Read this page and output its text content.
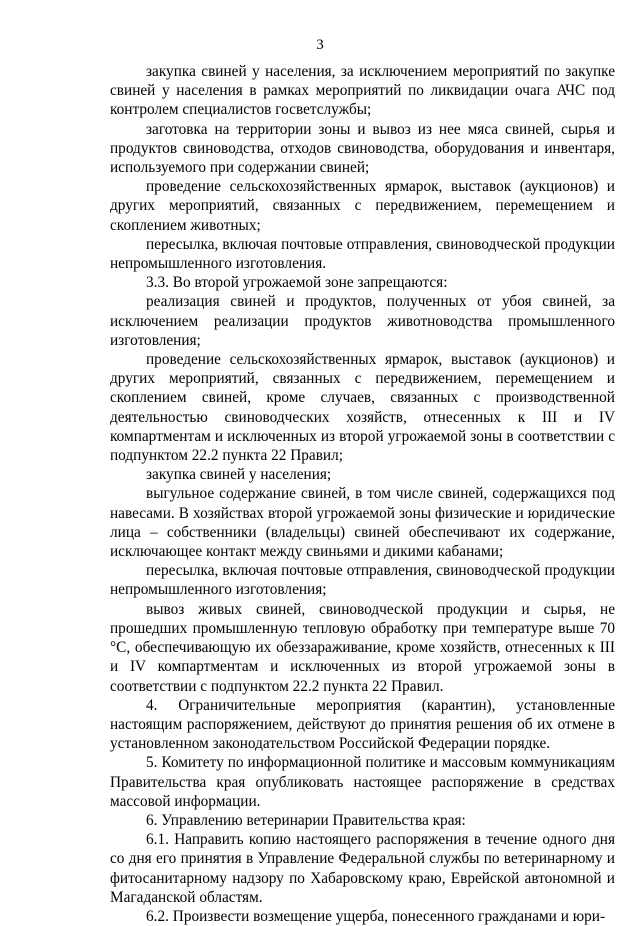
3

закупка свиней у населения, за исключением мероприятий по закупке свиней у населения в рамках мероприятий по ликвидации очага АЧС под контролем специалистов госветслужбы;

заготовка на территории зоны и вывоз из нее мяса свиней, сырья и продуктов свиноводства, отходов свиноводства, оборудования и инвентаря, используемого при содержании свиней;

проведение сельскохозяйственных ярмарок, выставок (аукционов) и других мероприятий, связанных с передвижением, перемещением и скоплением животных;

пересылка, включая почтовые отправления, свиноводческой продукции непромышленного изготовления.

3.3. Во второй угрожаемой зоне запрещаются:

реализация свиней и продуктов, полученных от убоя свиней, за исключением реализации продуктов животноводства промышленного изготовления;

проведение сельскохозяйственных ярмарок, выставок (аукционов) и других мероприятий, связанных с передвижением, перемещением и скоплением свиней, кроме случаев, связанных с производственной деятельностью свиноводческих хозяйств, отнесенных к III и IV компартментам и исключенных из второй угрожаемой зоны в соответствии с подпунктом 22.2 пункта 22 Правил;

закупка свиней у населения;

выгульное содержание свиней, в том числе свиней, содержащихся под навесами. В хозяйствах второй угрожаемой зоны физические и юридические лица – собственники (владельцы) свиней обеспечивают их содержание, исключающее контакт между свиньями и дикими кабанами;

пересылка, включая почтовые отправления, свиноводческой продукции непромышленного изготовления;

вывоз живых свиней, свиноводческой продукции и сырья, не прошедших промышленную тепловую обработку при температуре выше 70 °С, обеспечивающую их обеззараживание, кроме хозяйств, отнесенных к III и IV компартментам и исключенных из второй угрожаемой зоны в соответствии с подпунктом 22.2 пункта 22 Правил.

4. Ограничительные мероприятия (карантин), установленные настоящим распоряжением, действуют до принятия решения об их отмене в установленном законодательством Российской Федерации порядке.

5. Комитету по информационной политике и массовым коммуникациям Правительства края опубликовать настоящее распоряжение в средствах массовой информации.

6. Управлению ветеринарии Правительства края:

6.1. Направить копию настоящего распоряжения в течение одного дня со дня его принятия в Управление Федеральной службы по ветеринарному и фитосанитарному надзору по Хабаровскому краю, Еврейской автономной и Магаданской областям.

6.2. Произвести возмещение ущерба, понесенного гражданами и юри-
